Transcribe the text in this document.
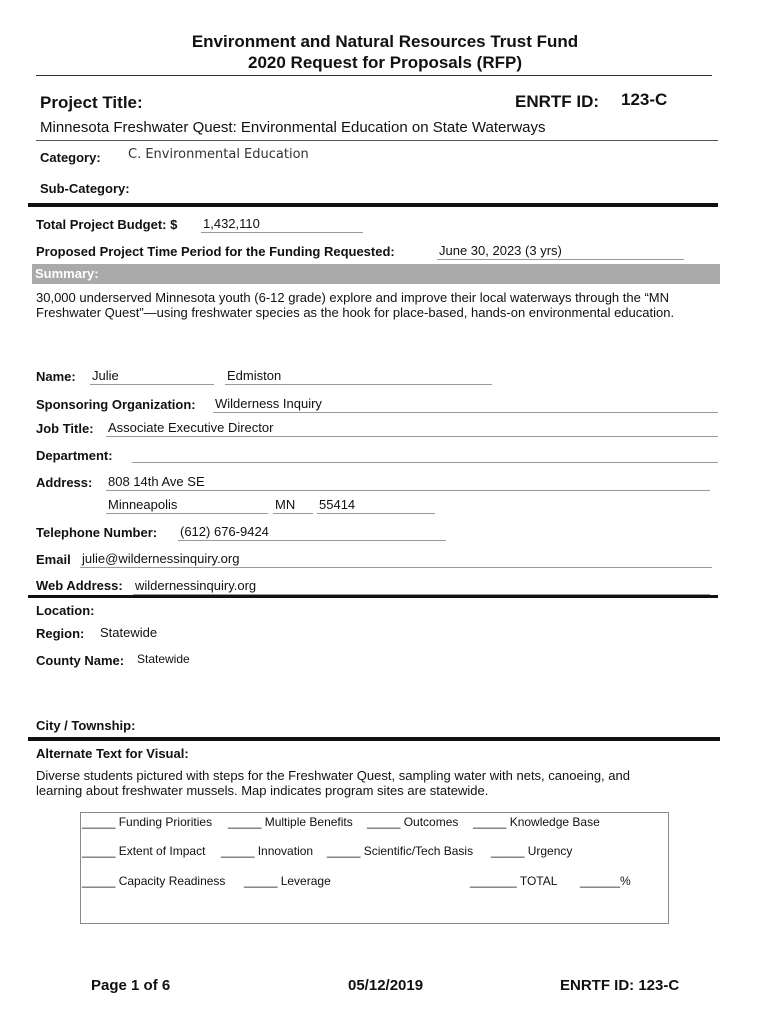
Environment and Natural Resources Trust Fund
2020 Request for Proposals (RFP)
Project Title:	ENRTF ID: 123-C
Minnesota Freshwater Quest: Environmental Education on State Waterways
Category: C. Environmental Education
Sub-Category:
Total Project Budget: $ 1,432,110
Proposed Project Time Period for the Funding Requested:	June 30, 2023 (3 yrs)
Summary:
30,000 underserved Minnesota youth (6-12 grade) explore and improve their local waterways through the “MN
Freshwater Quest”—using freshwater species as the hook for place-based, hands-on environmental education.
Name: Julie	Edmiston
Sponsoring Organization: Wilderness Inquiry
Job Title: Associate Executive Director
Department:
Address: 808 14th Ave SE
Minneapolis	MN	55414
Telephone Number: (612) 676-9424
Email julie@wildernessinquiry.org
Web Address: wildernessinquiry.org
Location:
Region: Statewide
County Name: Statewide
City / Township:
Alternate Text for Visual:
Diverse students pictured with steps for the Freshwater Quest, sampling water with nets, canoeing, and
learning about freshwater mussels. Map indicates program sites are statewide.
_____ Funding Priorities _____ Multiple Benefits _____ Outcomes _____ Knowledge Base
_____ Extent of Impact _____ Innovation _____ Scientific/Tech Basis _____ Urgency
_____ Capacity Readiness _____ Leverage	_______ TOTAL ______%
Page 1 of 6	05/12/2019	ENRTF ID: 123-C
